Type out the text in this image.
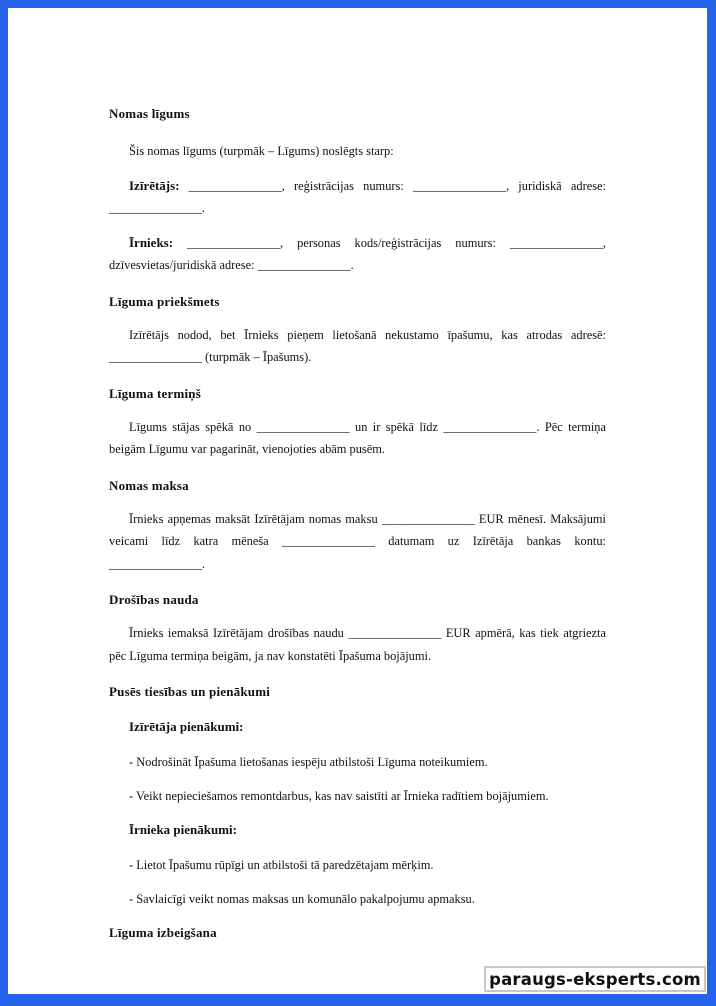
Nomas līgums

Šis nomas līgums (turpmāk – Līgums) noslēgts starp:

Izīrētājs: _______________, reģistrācijas numurs: _______________, juridiskā adrese: _______________.

Īrnieks: _______________, personas kods/reģistrācijas numurs: _______________, dzīvesvietas/juridiskā adrese: _______________.

Līguma priekšmets

Izīrētājs nodod, bet Īrnieks pieņem lietošanā nekustamo īpašumu, kas atrodas adresē: _______________ (turpmāk – Īpašums).

Līguma termiņš

Līgums stājas spēkā no _______________ un ir spēkā līdz _______________. Pēc termiņa beigām Līgumu var pagarināt, vienojoties abām pusēm.

Nomas maksa

Īrnieks apņemas maksāt Izīrētājam nomas maksu _______________ EUR mēnesī. Maksājumi veicami līdz katra mēneša _______________ datumam uz Izīrētāja bankas kontu: _______________.

Drošības nauda

Īrnieks iemaksā Izīrētājam drošības naudu _______________ EUR apmērā, kas tiek atgriezta pēc Līguma termiņa beigām, ja nav konstatēti Īpašuma bojājumi.

Pusēs tiesības un pienākumi
Izīrētāja pienākumi:

- Nodrošināt Īpašuma lietošanas iespēju atbilstoši Līguma noteikumiem.

- Veikt nepieciešamos remontdarbus, kas nav saistīti ar Īrnieka radītiem bojājumiem.

Īrnieka pienākumi:

- Lietot Īpašumu rūpīgi un atbilstoši tā paredzētajam mērķim.

- Savlaicīgi veikt nomas maksas un komunālo pakalpojumu apmaksu.

Līguma izbeigšana
paraugs-eksperts.com
